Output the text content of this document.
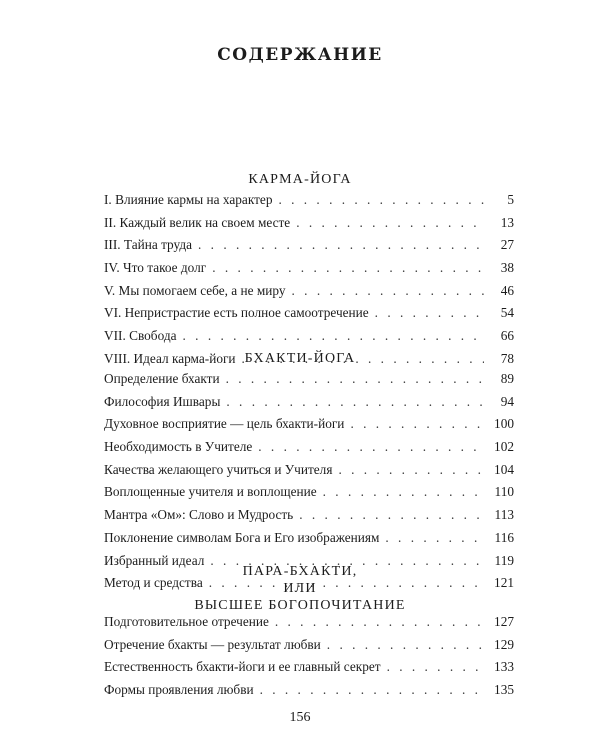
СОДЕРЖАНИЕ
КАРМА-ЙОГА
I. Влияние кармы на характер . . .	5
II. Каждый велик на своем месте . . .	13
III. Тайна труда . . .	27
IV. Что такое долг . . .	38
V. Мы помогаем себе, а не миру . . .	46
VI. Непристрастие есть полное самоотречение . . .	54
VII. Свобода . . .	66
VIII. Идеал карма-йоги . . .	78
БХАКТИ-ЙОГА
Определение бхакти . . .	89
Философия Ишвары . . .	94
Духовное восприятие — цель бхакти-йоги . . .	100
Необходимость в Учителе . . .	102
Качества желающего учиться и Учителя . . .	104
Воплощенные учителя и воплощение . . .	110
Мантра «Ом»: Слово и Мудрость . . .	113
Поклонение символам Бога и Его изображениям . . .	116
Избранный идеал . . .	119
Метод и средства . . .	121
ПАРА-БХАКТИ,
ИЛИ
ВЫСШЕЕ БОГОПОЧИТАНИЕ
Подготовительное отречение . . .	127
Отречение бхакты — результат любви . . .	129
Естественность бхакти-йоги и ее главный секрет . . .	133
Формы проявления любви . . .	135
156
